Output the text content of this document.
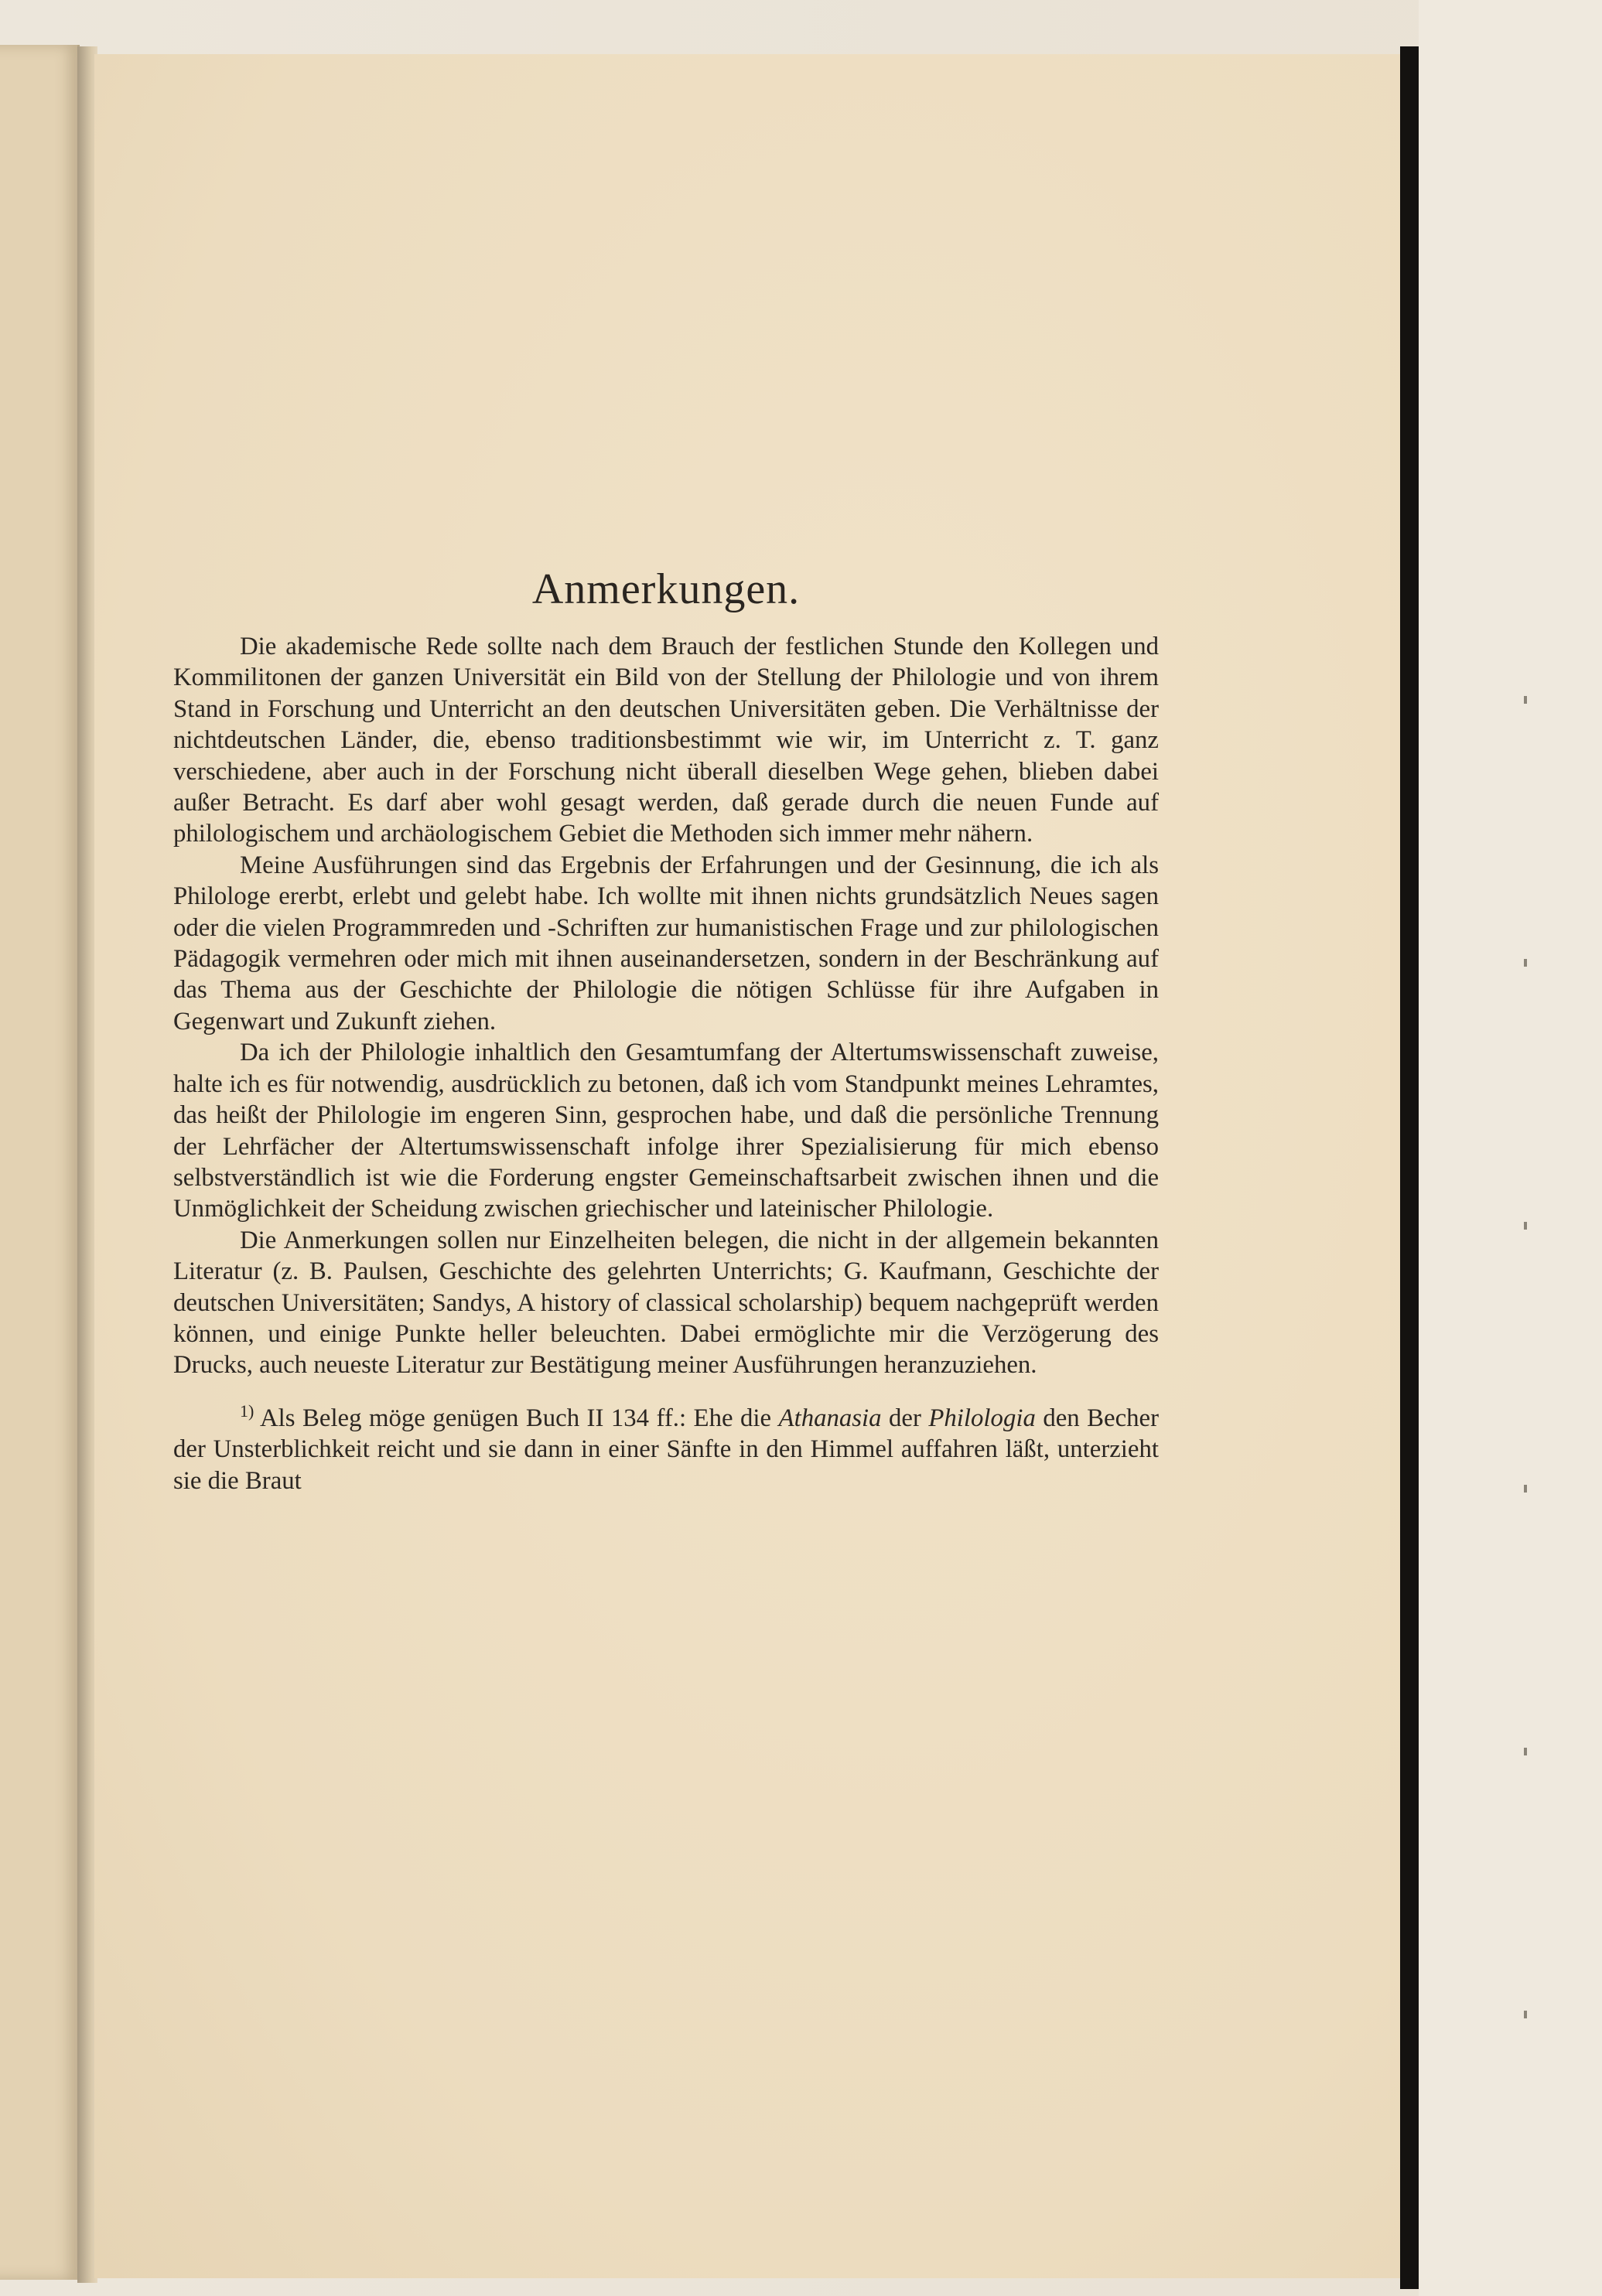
Anmerkungen.

Die akademische Rede sollte nach dem Brauch der festlichen Stunde den Kollegen und Kommilitonen der ganzen Universität ein Bild von der Stellung der Philologie und von ihrem Stand in Forschung und Unterricht an den deutschen Universitäten geben. Die Verhältnisse der nichtdeutschen Länder, die, ebenso traditionsbestimmt wie wir, im Unterricht z. T. ganz verschiedene, aber auch in der Forschung nicht überall dieselben Wege gehen, blieben dabei außer Betracht. Es darf aber wohl gesagt werden, daß gerade durch die neuen Funde auf philologischem und archäologischem Gebiet die Methoden sich immer mehr nähern.

Meine Ausführungen sind das Ergebnis der Erfahrungen und der Gesinnung, die ich als Philologe ererbt, erlebt und gelebt habe. Ich wollte mit ihnen nichts grundsätzlich Neues sagen oder die vielen Programmreden und -Schriften zur humanistischen Frage und zur philologischen Pädagogik vermehren oder mich mit ihnen auseinandersetzen, sondern in der Beschränkung auf das Thema aus der Geschichte der Philologie die nötigen Schlüsse für ihre Aufgaben in Gegenwart und Zukunft ziehen.

Da ich der Philologie inhaltlich den Gesamtumfang der Altertumswissenschaft zuweise, halte ich es für notwendig, ausdrücklich zu betonen, daß ich vom Standpunkt meines Lehramtes, das heißt der Philologie im engeren Sinn, gesprochen habe, und daß die persönliche Trennung der Lehrfächer der Altertumswissenschaft infolge ihrer Spezialisierung für mich ebenso selbstverständlich ist wie die Forderung engster Gemeinschaftsarbeit zwischen ihnen und die Unmöglichkeit der Scheidung zwischen griechischer und lateinischer Philologie.

Die Anmerkungen sollen nur Einzelheiten belegen, die nicht in der allgemein bekannten Literatur (z. B. Paulsen, Geschichte des gelehrten Unterrichts; G. Kaufmann, Geschichte der deutschen Universitäten; Sandys, A history of classical scholarship) bequem nachgeprüft werden können, und einige Punkte heller beleuchten. Dabei ermöglichte mir die Verzögerung des Drucks, auch neueste Literatur zur Bestätigung meiner Ausführungen heranzuziehen.

$^{1)}$ Als Beleg möge genügen Buch II 134 ff.: Ehe die Athanasia der Philologia den Becher der Unsterblichkeit reicht und sie dann in einer Sänfte in den Himmel auffahren läßt, unterzieht sie die Braut
